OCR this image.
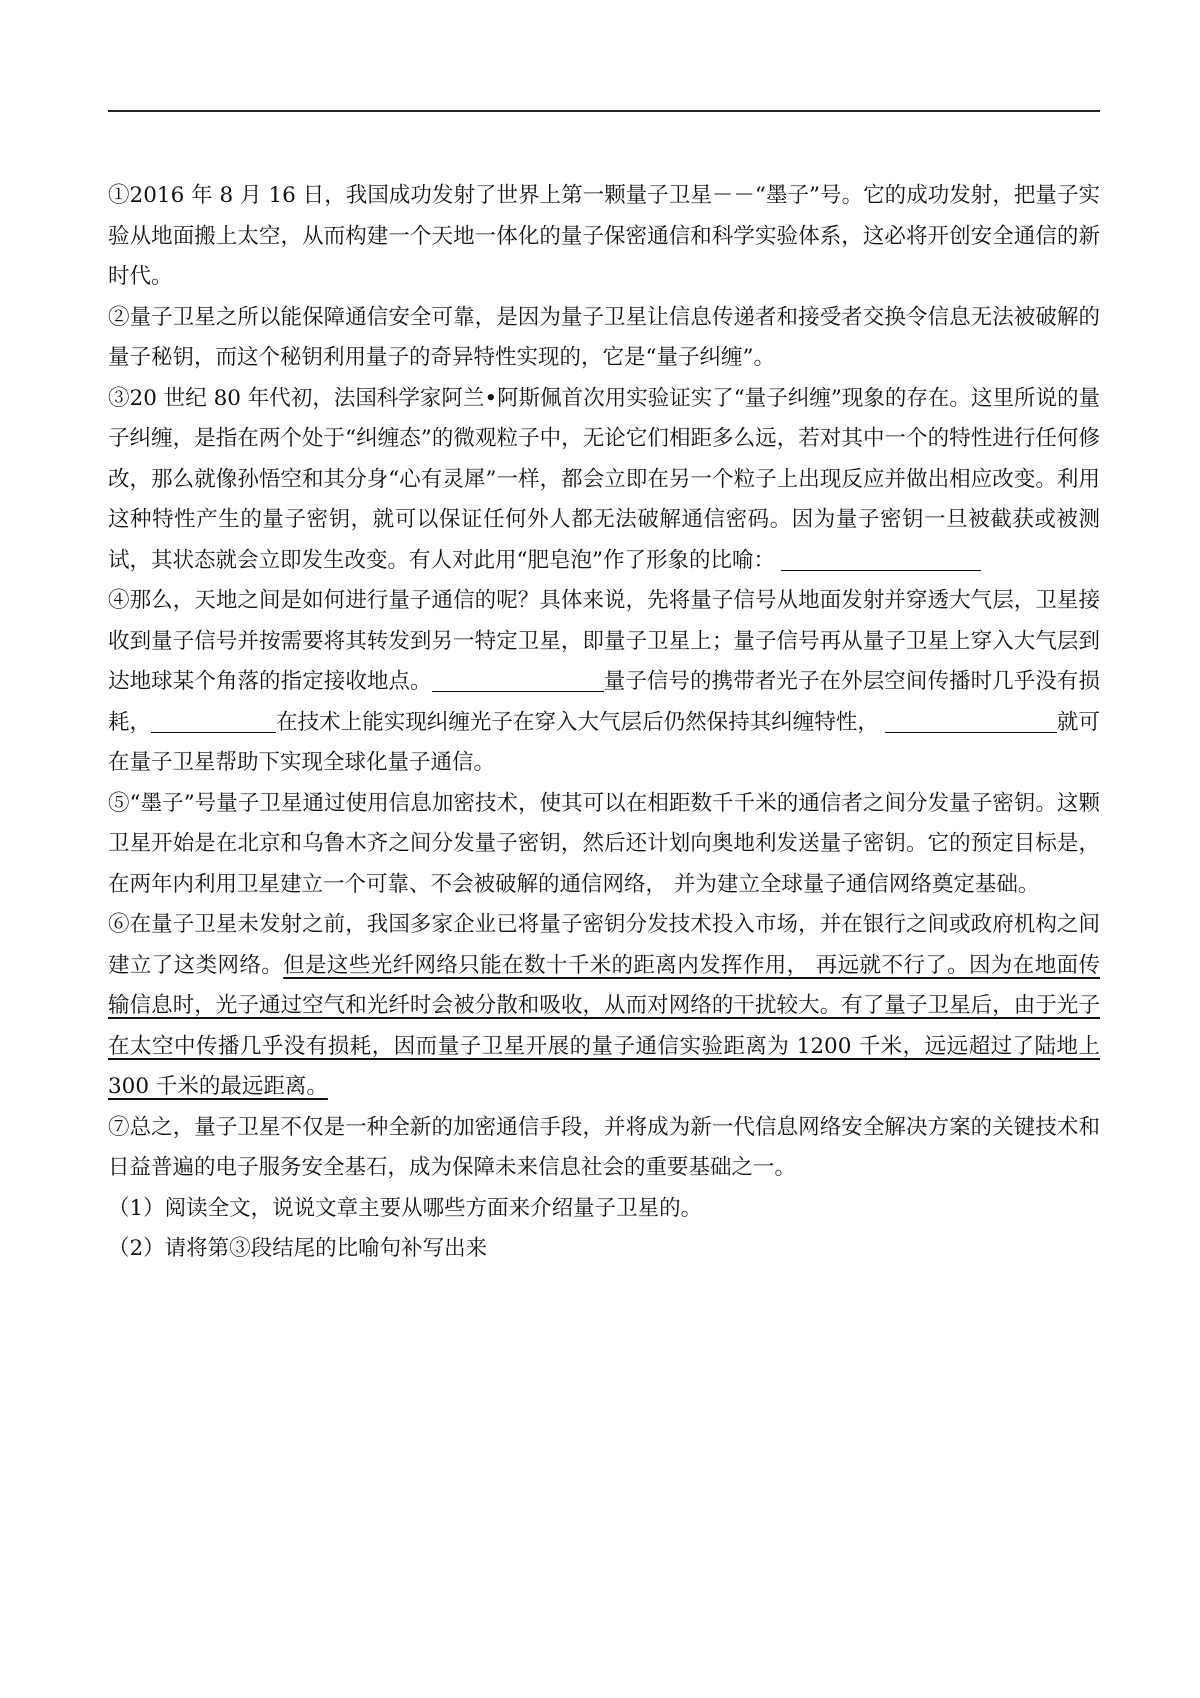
①2016 年 8 月 16 日，我国成功发射了世界上第一颗量子卫星－－“墨子”号。它的成功发射，把量子实验从地面搬上太空，从而构建一个天地一体化的量子保密通信和科学实验体系，这必将开创安全通信的新时代。

②量子卫星之所以能保障通信安全可靠，是因为量子卫星让信息传递者和接受者交换令信息无法被破解的量子秘钥，而这个秘钥利用量子的奇异特性实现的，它是“量子纠缠”。

③20 世纪 80 年代初，法国科学家阿兰•阿斯佩首次用实验证实了“量子纠缠”现象的存在。这里所说的量子纠缠，是指在两个处于“纠缠态”的微观粒子中，无论它们相距多么远，若对其中一个的特性进行任何修改，那么就像孙悟空和其分身“心有灵犀”一样，都会立即在另一个粒子上出现反应并做出相应改变。利用这种特性产生的量子密钥，就可以保证任何外人都无法破解通信密码。因为量子密钥一旦被截获或被测试，其状态就会立即发生改变。有人对此用“肥皂泡”作了形象的比喻：

④那么，天地之间是如何进行量子通信的呢？具体来说，先将量子信号从地面发射并穿透大气层，卫星接收到量子信号并按需要将其转发到另一特定卫星，即量子卫星上；量子信号再从量子卫星上穿入大气层到达地球某个角落的指定接收地点。	量子信号的携带者光子在外层空间传播时几乎没有损耗，	在技术上能实现纠缠光子在穿入大气层后仍然保持其纠缠特性，	就可在量子卫星帮助下实现全球化量子通信。

⑤“墨子”号量子卫星通过使用信息加密技术，使其可以在相距数千千米的通信者之间分发量子密钥。这颗卫星开始是在北京和乌鲁木齐之间分发量子密钥，然后还计划向奥地利发送量子密钥。它的预定目标是，在两年内利用卫星建立一个可靠、不会被破解的通信网络， 并为建立全球量子通信网络奠定基础。

⑥在量子卫星未发射之前，我国多家企业已将量子密钥分发技术投入市场，并在银行之间或政府机构之间建立了这类网络。但是这些光纤网络只能在数十千米的距离内发挥作用， 再远就不行了。因为在地面传输信息时，光子通过空气和光纤时会被分散和吸收，从而对网络的干扰较大。有了量子卫星后，由于光子在太空中传播几乎没有损耗，因而量子卫星开展的量子通信实验距离为 1200 千米，远远超过了陆地上 300 千米的最远距离。

⑦总之，量子卫星不仅是一种全新的加密通信手段，并将成为新一代信息网络安全解决方案的关键技术和日益普遍的电子服务安全基石，成为保障未来信息社会的重要基础之一。

（1）阅读全文，说说文章主要从哪些方面来介绍量子卫星的。

（2）请将第③段结尾的比喻句补写出来
